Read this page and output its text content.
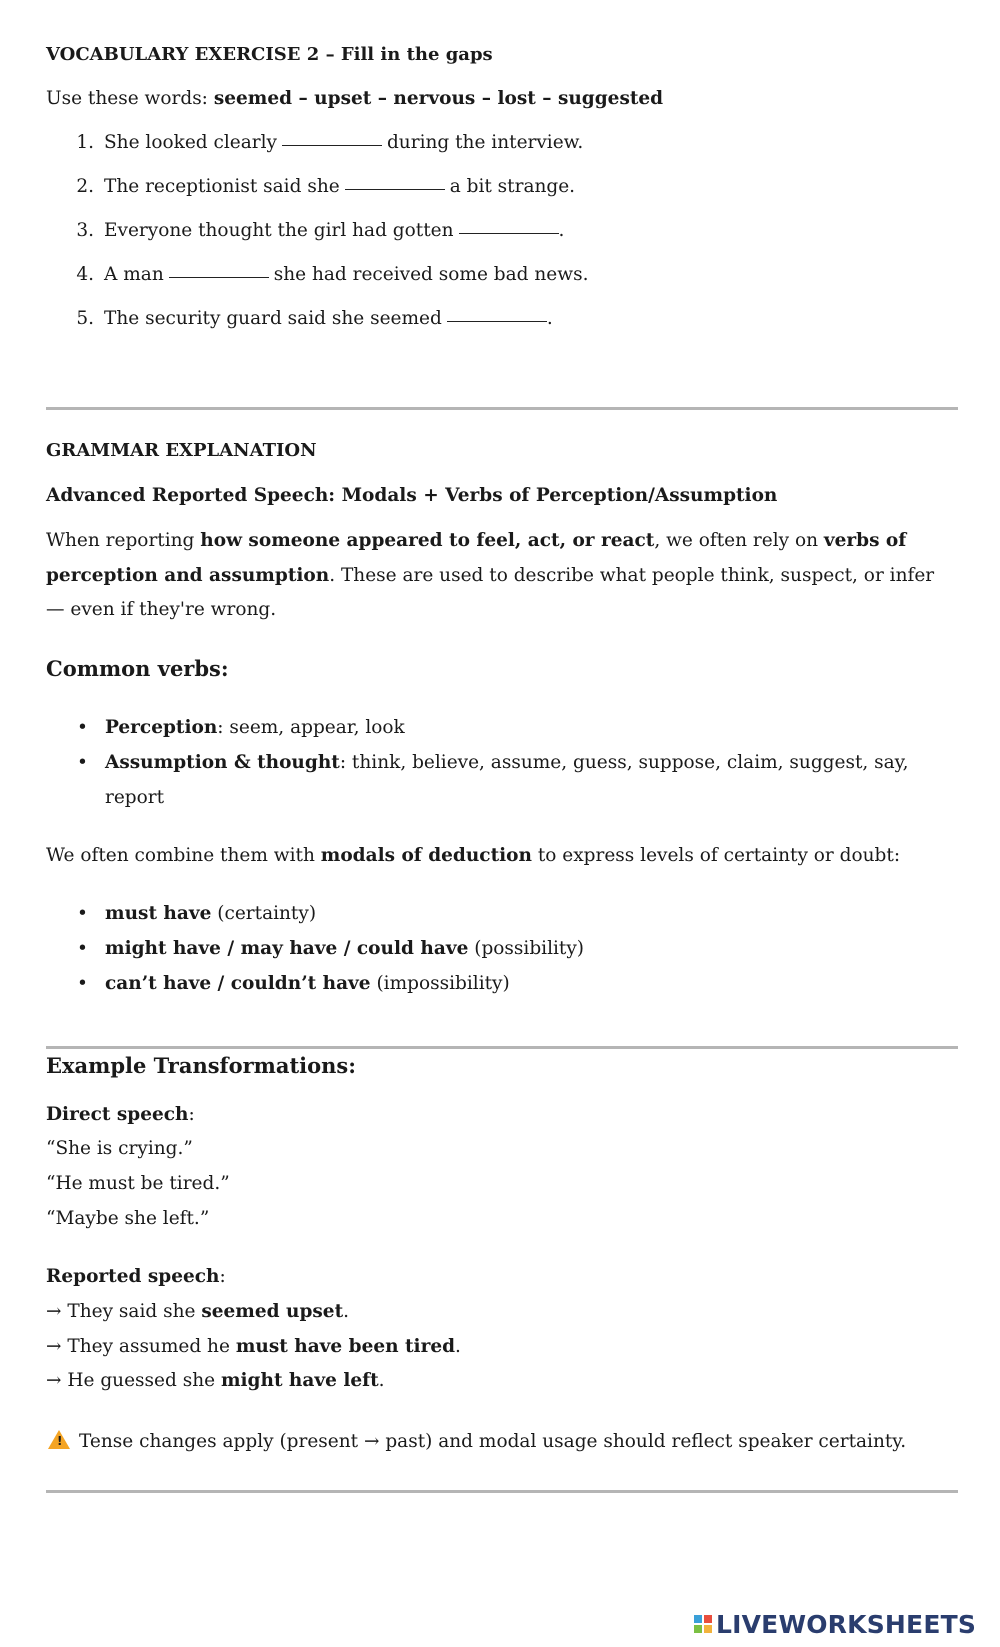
VOCABULARY EXERCISE 2 – Fill in the gaps
Use these words: seemed – upset – nervous – lost – suggested
1. She looked clearly	during the interview.
2. The receptionist said she	a bit strange.
3. Everyone thought the girl had gotten	.
4. A man	she had received some bad news.
5. The security guard said she seemed	.
GRAMMAR EXPLANATION
Advanced Reported Speech: Modals + Verbs of Perception/Assumption
When reporting how someone appeared to feel, act, or react, we often rely on verbs of perception and assumption. These are used to describe what people think, suspect, or infer — even if they're wrong.
Common verbs:
• Perception: seem, appear, look
• Assumption & thought: think, believe, assume, guess, suppose, claim, suggest, say,
report
We often combine them with modals of deduction to express levels of certainty or doubt:
• must have (certainty)
• might have / may have / could have (possibility)
• can’t have / couldn’t have (impossibility)
Example Transformations:
Direct speech:
“She is crying.”
“He must be tired.”
“Maybe she left.”
Reported speech:
→ They said she seemed upset.
→ They assumed he must have been tired.
→ He guessed she might have left.
! Tense changes apply (present → past) and modal usage should reflect speaker certainty.
LIVEWORKSHEETS
